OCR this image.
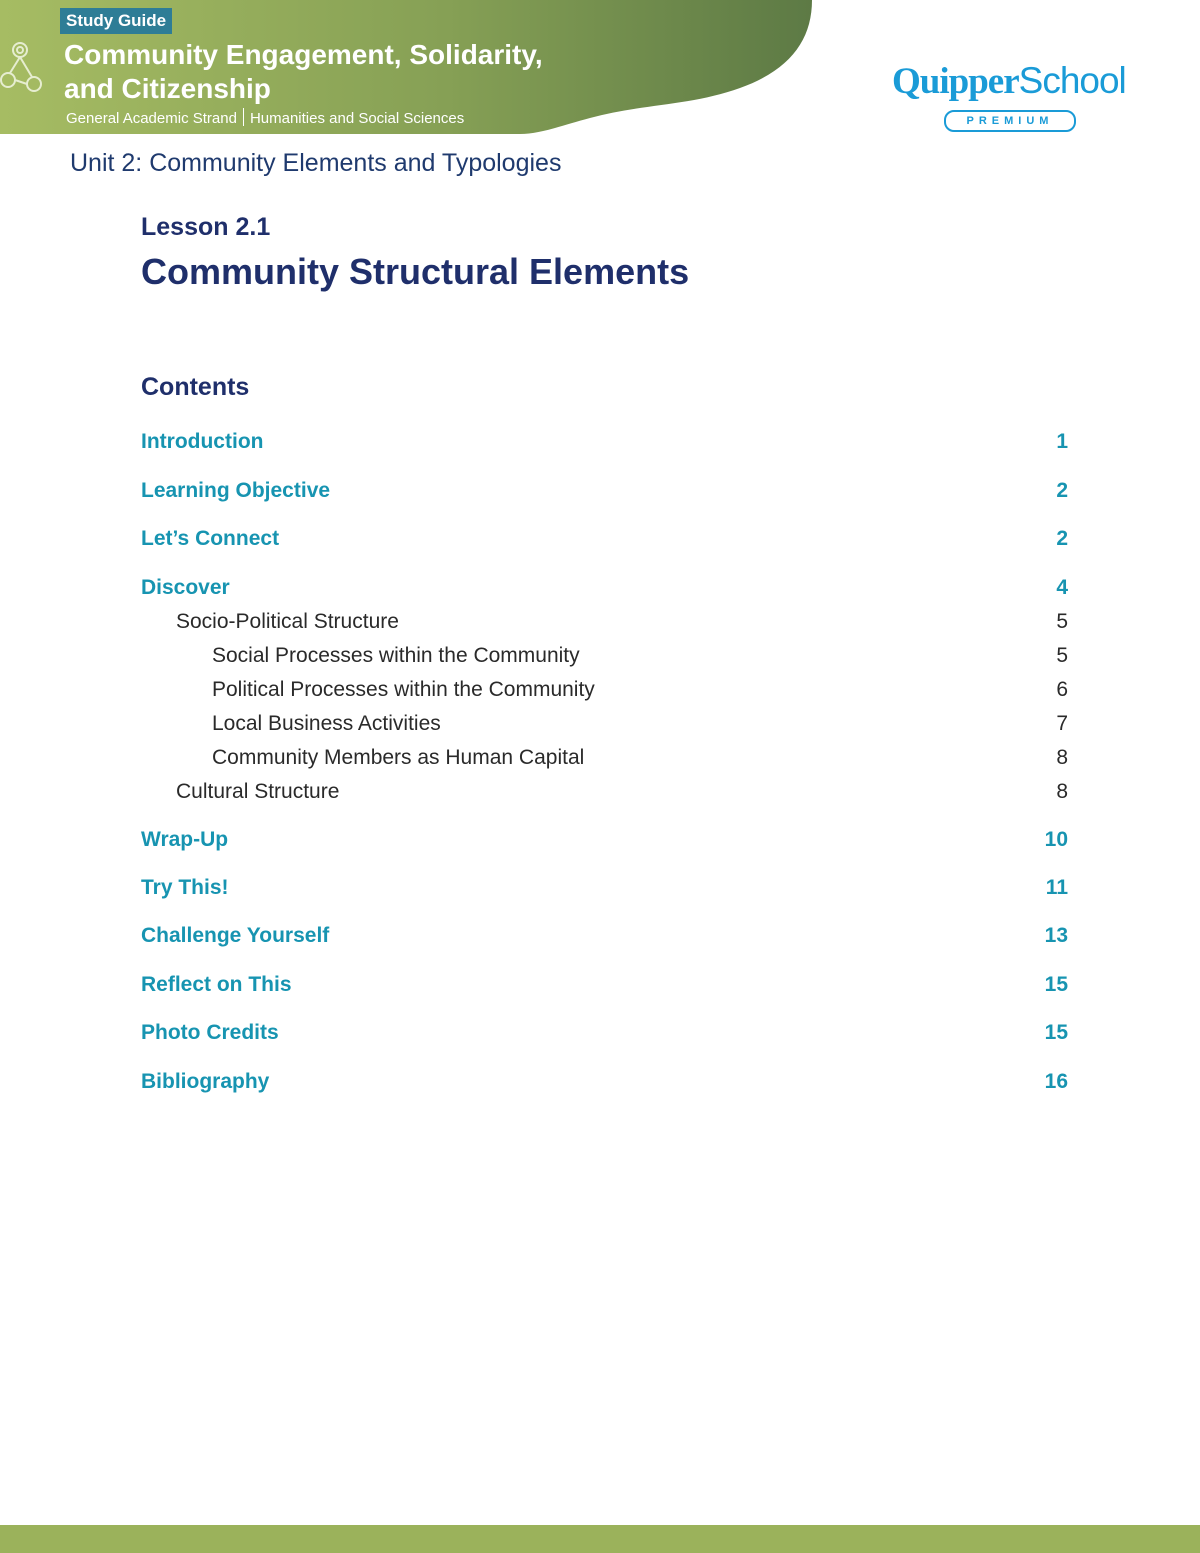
Study Guide
Community Engagement, Solidarity,
and Citizenship
General Academic Strand Humanities and Social Sciences
QuipperSchool
PREMIUM
Unit 2: Community Elements and Typologies
Lesson 2.1
Community Structural Elements
Contents
Introduction	1
Learning Objective	2
Let’s Connect	2
Discover	4
Socio-Political Structure	5
Social Processes within the Community	5
Political Processes within the Community	6
Local Business Activities	7
Community Members as Human Capital	8
Cultural Structure	8
Wrap-Up	10
Try This!	11
Challenge Yourself	13
Reflect on This	15
Photo Credits	15
Bibliography	16
